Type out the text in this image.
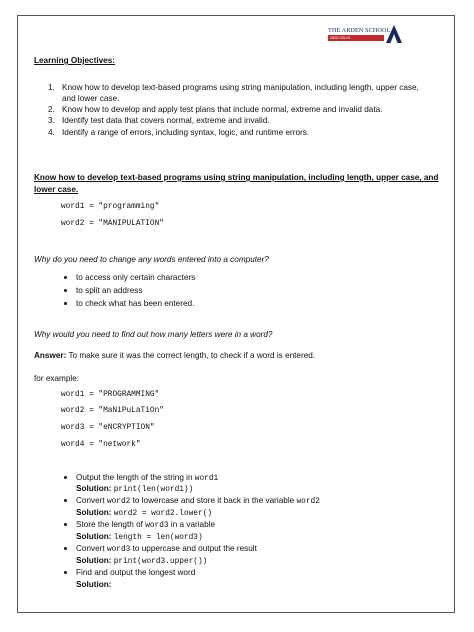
THE ARDEN SCHOOL
NEW DELHI
Learning Objectives:
1. Know how to develop text-based programs using string manipulation, including length, upper case,
and lower case.
2. Know how to develop and apply test plans that include normal, extreme and invalid data.
3. Identify test data that covers normal, extreme and invalid.
4. Identify a range of errors, including syntax, logic, and runtime errors.
Know how to develop text-based programs using string manipulation, including length, upper case, and
lower case.
word1 = "programming"
word2 = "MANIPULATION"
Why do you need to change any words entered into a computer?
to access only certain characters
to split an address
to check what has been entered.
Why would you need to find out how many letters were in a word?
Answer: To make sure it was the correct length, to check if a word is entered.
for example:
word1 = "PROGRAMMING"
word2 = "MaNiPuLaTiOn"
word3 = "eNCRYPTION"
word4 = "network"
Output the length of the string in word1
Solution: print(len(word1))
Convert word2 to lowercase and store it back in the variable word2
Solution: word2 = word2.lower()
Store the length of word3 in a variable
Solution: length = len(word3)
Convert word3 to uppercase and output the result
Solution: print(word3.upper())
Find and output the longest word
Solution:
